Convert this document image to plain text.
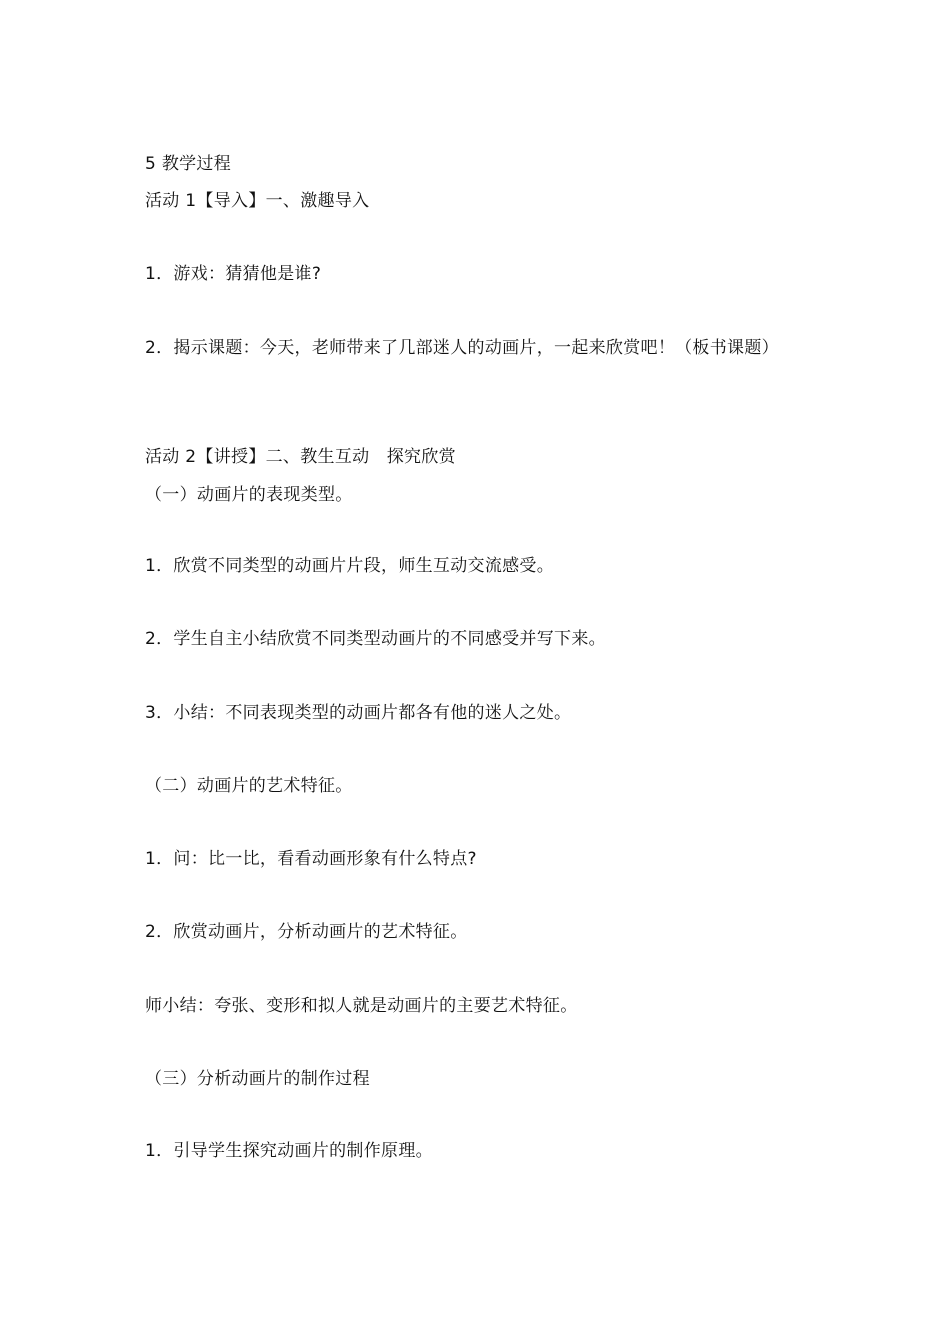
5 教学过程
活动 1【导入】一、激趣导入
1．游戏：猜猜他是谁?
2．揭示课题：今天，老师带来了几部迷人的动画片，一起来欣赏吧！（板书课题）
活动 2【讲授】二、教生互动　探究欣赏
（一）动画片的表现类型。
1．欣赏不同类型的动画片片段，师生互动交流感受。
2．学生自主小结欣赏不同类型动画片的不同感受并写下来。
3．小结：不同表现类型的动画片都各有他的迷人之处。
（二）动画片的艺术特征。
1．问：比一比，看看动画形象有什么特点?
2．欣赏动画片，分析动画片的艺术特征。
师小结：夸张、变形和拟人就是动画片的主要艺术特征。
（三）分析动画片的制作过程
1．引导学生探究动画片的制作原理。
